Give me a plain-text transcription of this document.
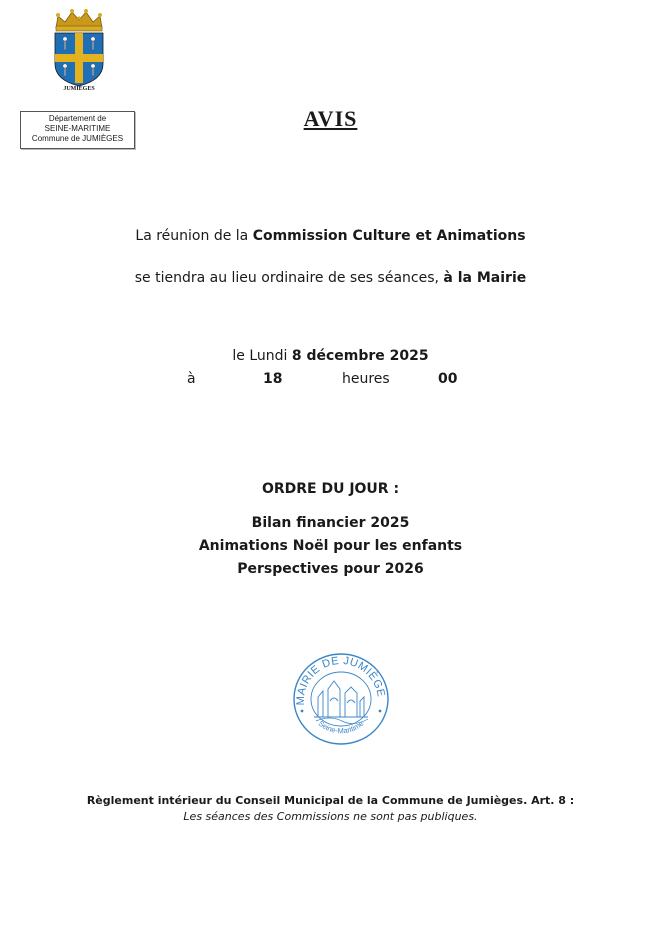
JUMIÈGES
Département de
SEINE-MARITIME
Commune de JUMIÈGES
AVIS
La réunion de la Commission Culture et Animations
se tiendra au lieu ordinaire de ses séances, à la Mairie
le Lundi 8 décembre 2025
à	18	heures	00
ORDRE DU JOUR :
Bilan financier 2025
Animations Noël pour les enfants
Perspectives pour 2026
MAIRIE DE JUMIÈGE
Seine-Maritime
Règlement intérieur du Conseil Municipal de la Commune de Jumièges. Art. 8 :
Les séances des Commissions ne sont pas publiques.
